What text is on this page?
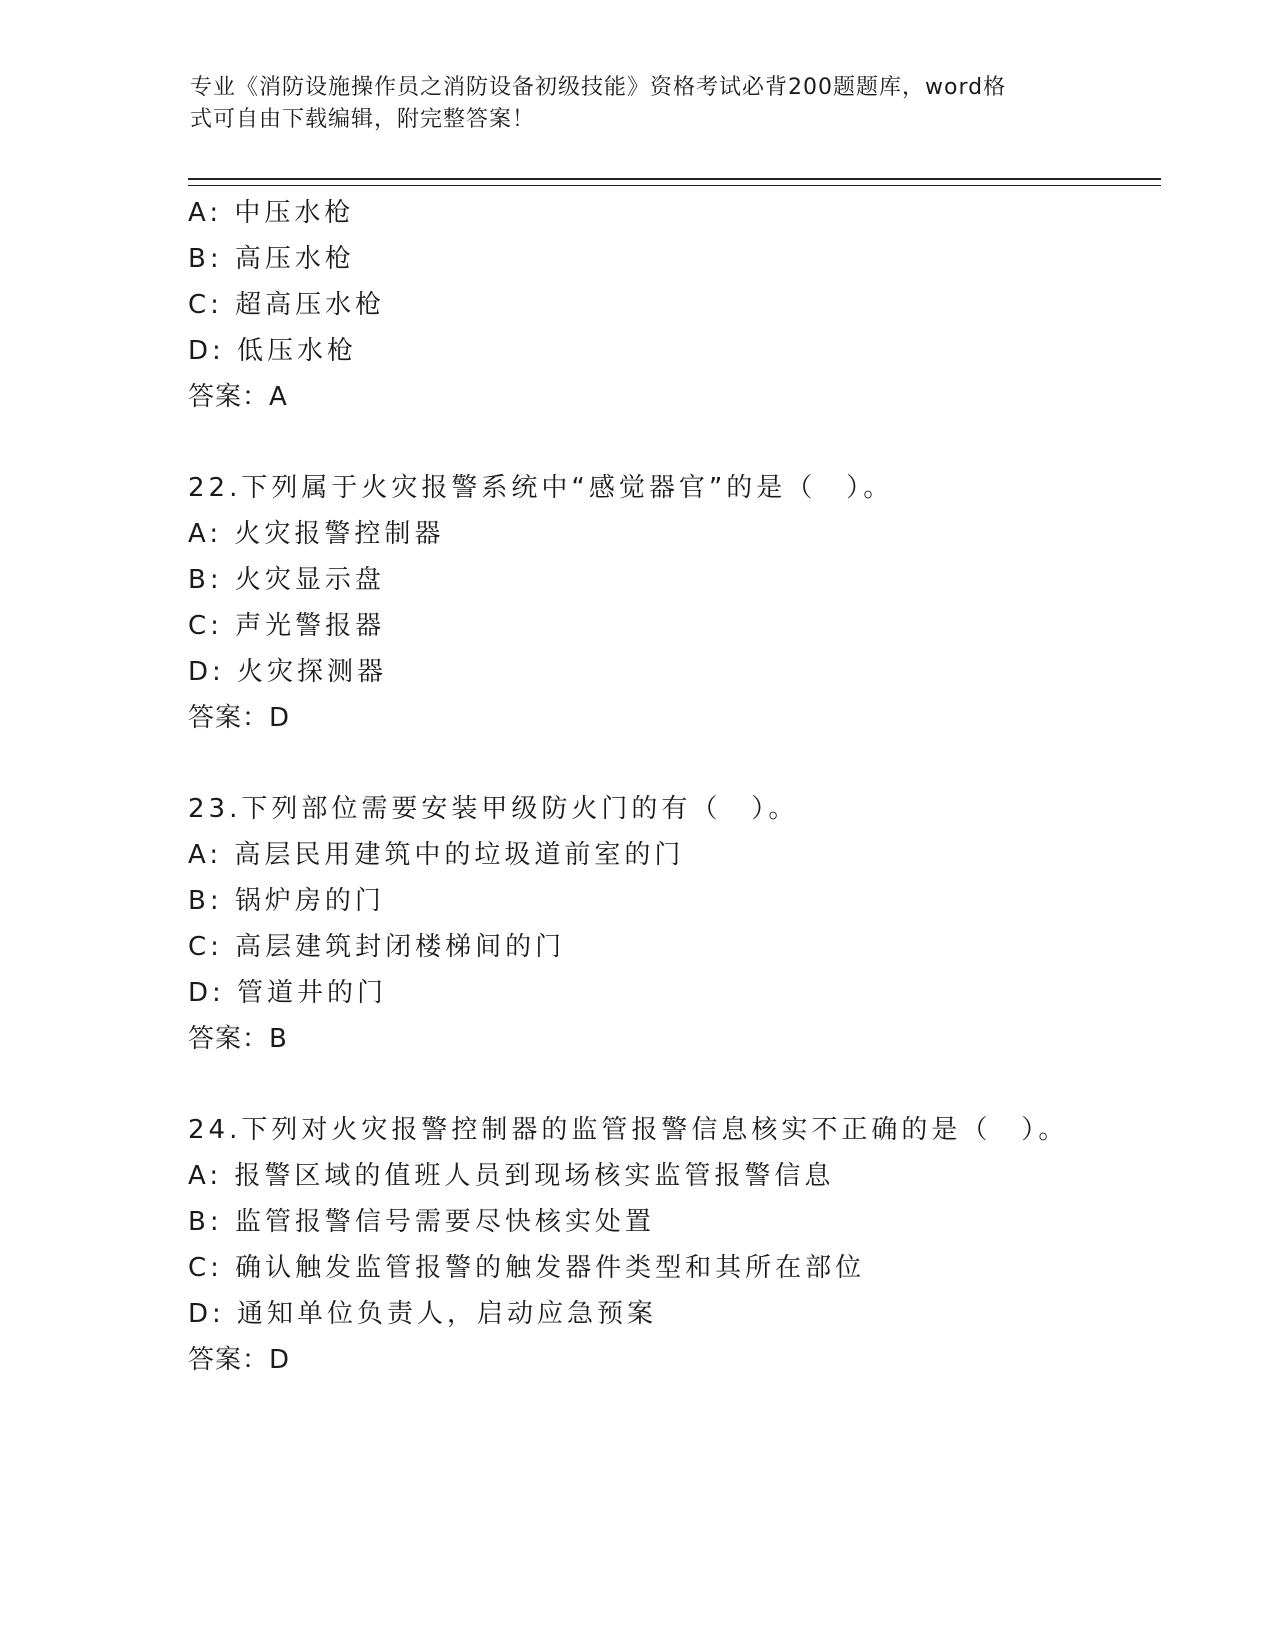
专业《消防设施操作员之消防设备初级技能》资格考试必背200题题库，word格
式可自由下载编辑，附完整答案！
A: 中压水枪
B: 高压水枪
C: 超高压水枪
D: 低压水枪
答案：A
22.下列属于火灾报警系统中“感觉器官”的是（　）。
A: 火灾报警控制器
B: 火灾显示盘
C: 声光警报器
D: 火灾探测器
答案：D
23.下列部位需要安装甲级防火门的有（　）。
A: 高层民用建筑中的垃圾道前室的门
B: 锅炉房的门
C: 高层建筑封闭楼梯间的门
D: 管道井的门
答案：B
24.下列对火灾报警控制器的监管报警信息核实不正确的是（　）。
A: 报警区域的值班人员到现场核实监管报警信息
B: 监管报警信号需要尽快核实处置
C: 确认触发监管报警的触发器件类型和其所在部位
D: 通知单位负责人，启动应急预案
答案：D
